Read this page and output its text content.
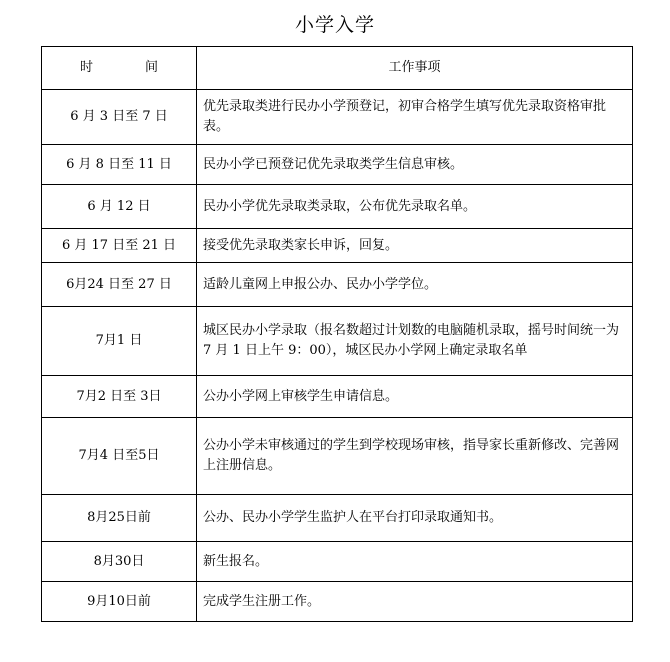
小学入学
时 间	工作事项
6 月 3 日至 7 日	优先录取类进行民办小学预登记，初审合格学生填写优先录取资格审批表。
6 月 8 日至 11 日	民办小学已预登记优先录取类学生信息审核。
6 月 12 日	民办小学优先录取类录取，公布优先录取名单。
6 月 17 日至 21 日	接受优先录取类家长申诉，回复。
6月24 日至 27 日	适龄儿童网上申报公办、民办小学学位。
7月1 日	城区民办小学录取（报名数超过计划数的电脑随机录取，摇号时间统一为 7 月 1 日上午 9：00），城区民办小学网上确定录取名单
7月2 日至 3日	公办小学网上审核学生申请信息。
7月4 日至5日	公办小学未审核通过的学生到学校现场审核，指导家长重新修改、完善网上注册信息。
8月25日前	公办、民办小学学生监护人在平台打印录取通知书。
8月30日	新生报名。
9月10日前	完成学生注册工作。
